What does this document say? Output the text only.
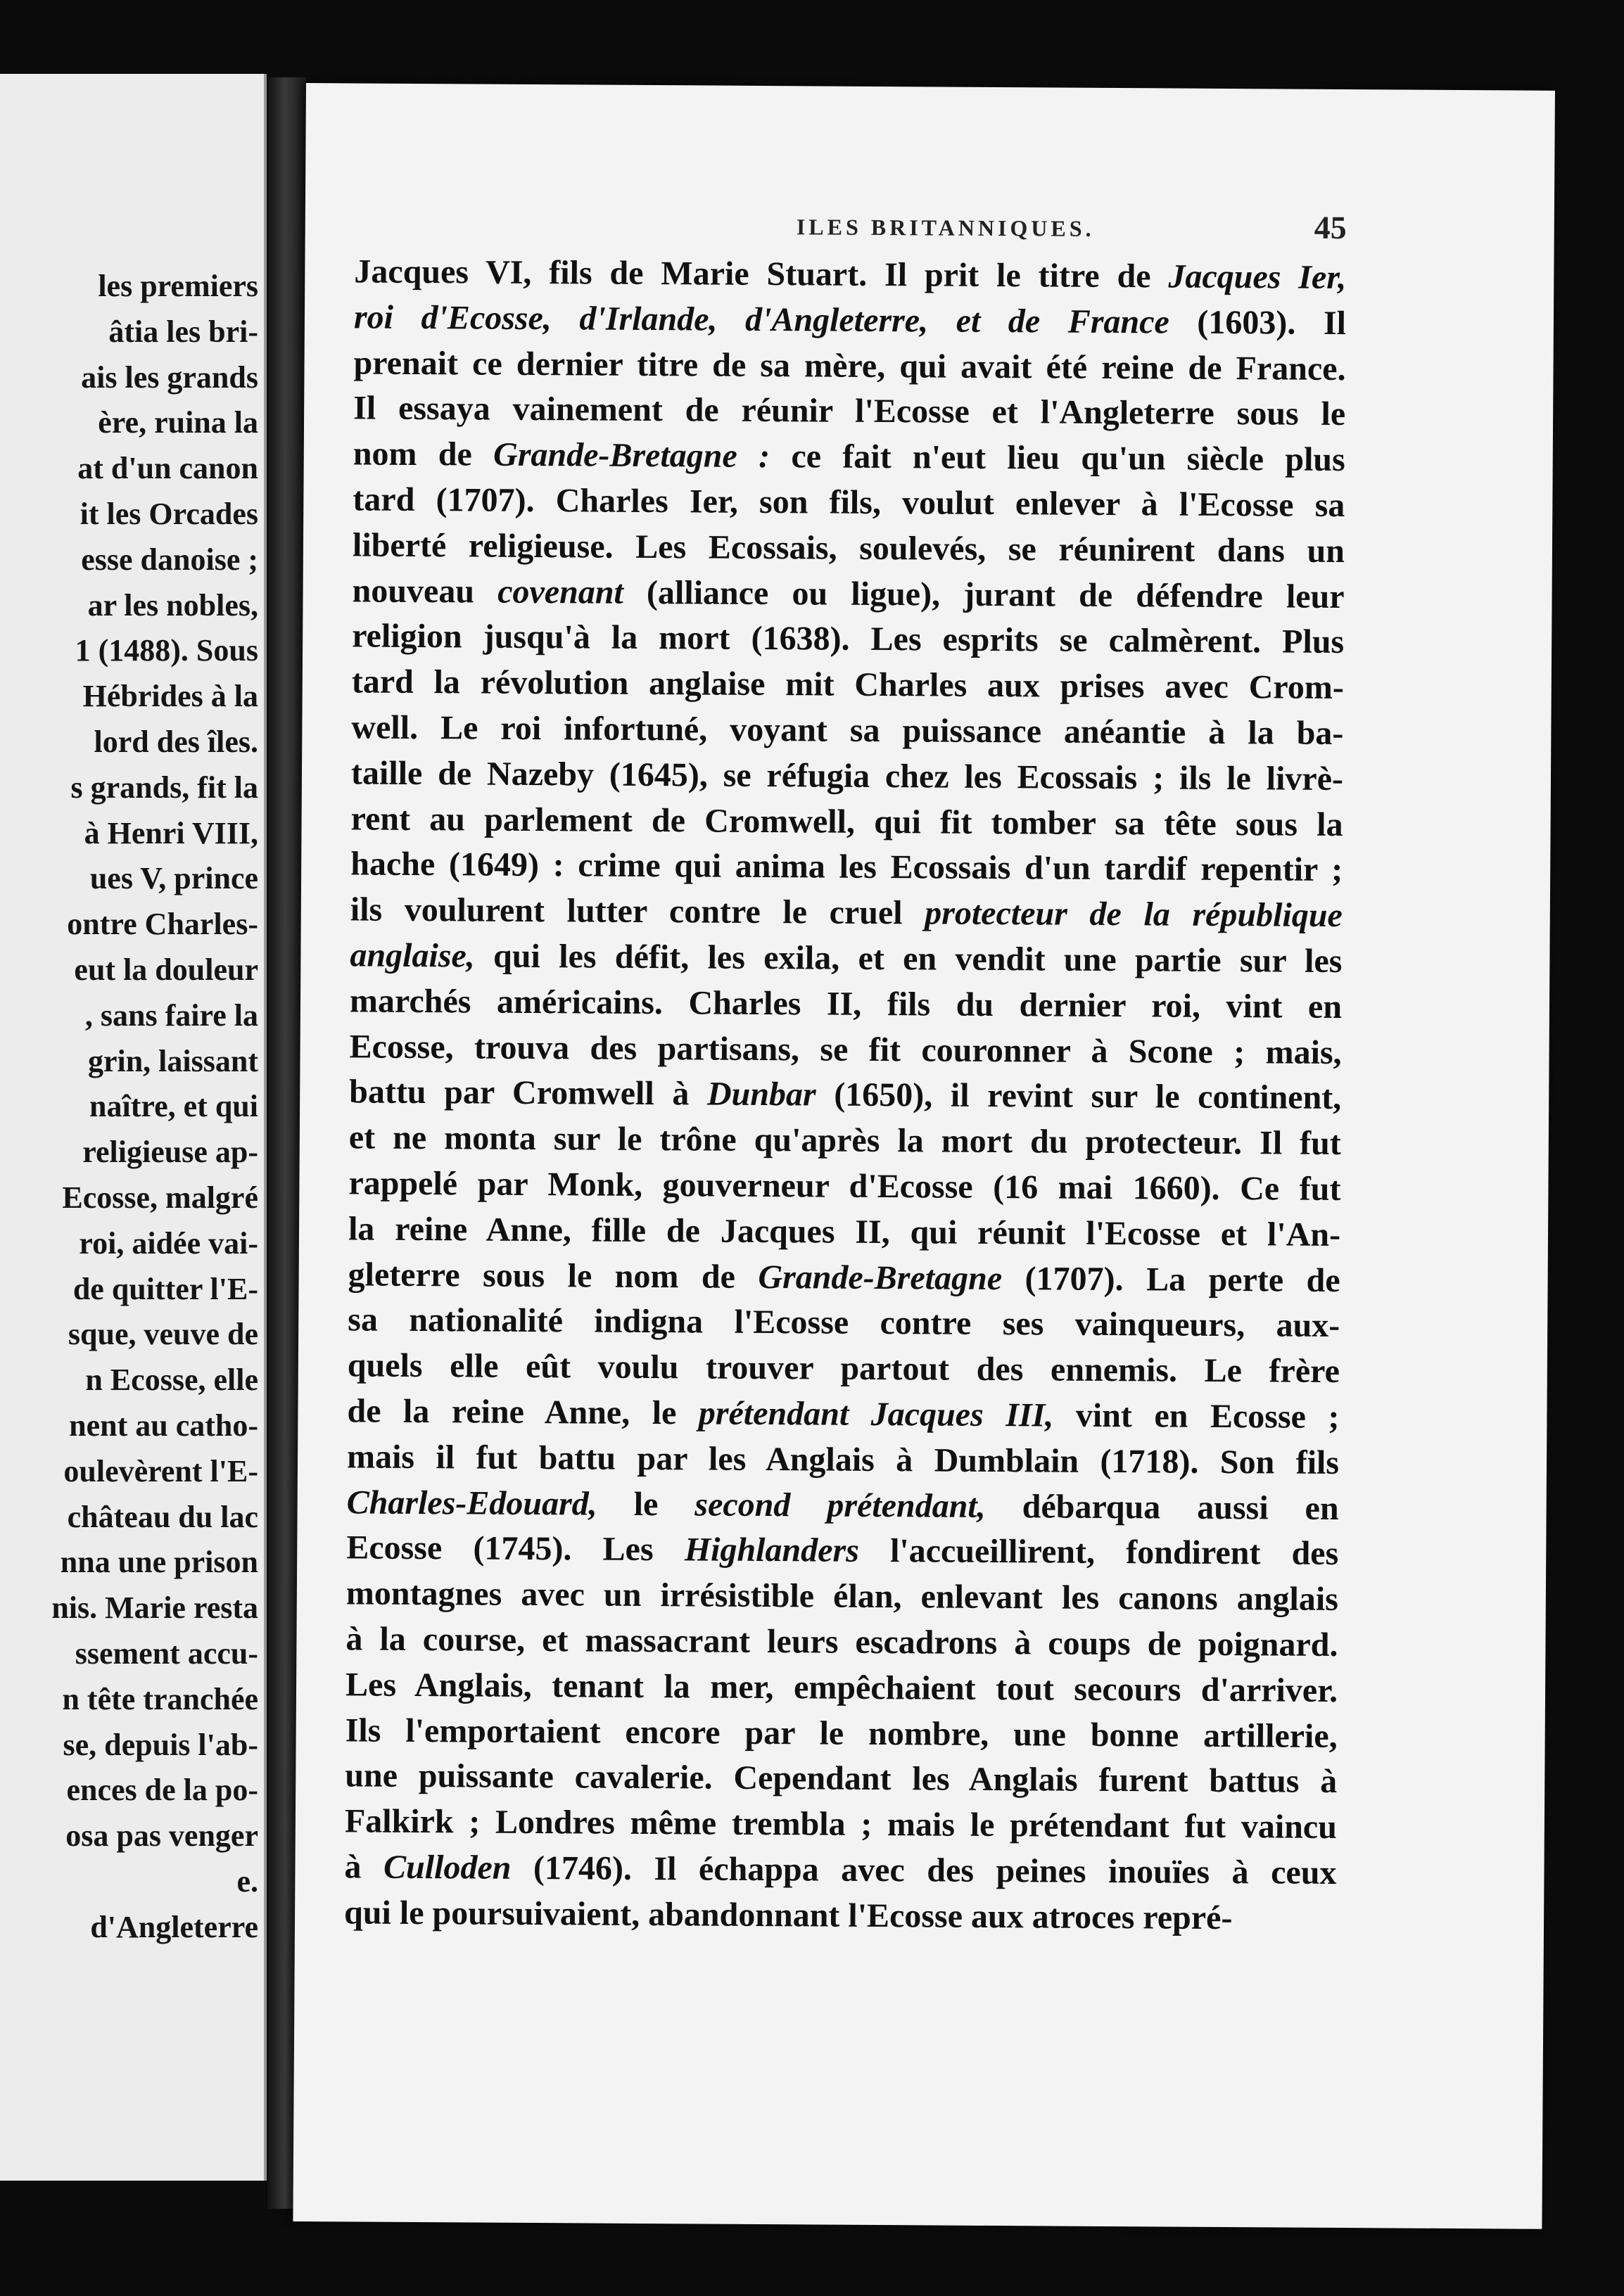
les premiers
âtia les bri-
ais les grands
ère, ruina la
at d'un canon
it les Orcades
esse danoise ;
ar les nobles,
1 (1488). Sous
Hébrides à la
lord des îles.
s grands, fit la
à Henri VIII,
ues V, prince
ontre Charles-
eut la douleur
, sans faire la
grin, laissant
naître, et qui
religieuse ap-
Ecosse, malgré
roi, aidée vai-
de quitter l'E-
sque, veuve de
n Ecosse, elle
nent au catho-
oulevèrent l'E-
château du lac
nna une prison
nis. Marie resta
ssement accu-
n tête tranchée
se, depuis l'ab-
ences de la po-
osa pas venger
e.
d'Angleterre
ILES BRITANNIQUES.	45
Jacques VI, fils de Marie Stuart. Il prit le titre de Jacques Ier,
roi d'Ecosse, d'Irlande, d'Angleterre, et de France (1603). Il
prenait ce dernier titre de sa mère, qui avait été reine de France.
Il essaya vainement de réunir l'Ecosse et l'Angleterre sous le
nom de Grande-Bretagne : ce fait n'eut lieu qu'un siècle plus
tard (1707). Charles Ier, son fils, voulut enlever à l'Ecosse sa
liberté religieuse. Les Ecossais, soulevés, se réunirent dans un
nouveau covenant (alliance ou ligue), jurant de défendre leur
religion jusqu'à la mort (1638). Les esprits se calmèrent. Plus
tard la révolution anglaise mit Charles aux prises avec Crom-
well. Le roi infortuné, voyant sa puissance anéantie à la ba-
taille de Nazeby (1645), se réfugia chez les Ecossais ; ils le livrè-
rent au parlement de Cromwell, qui fit tomber sa tête sous la
hache (1649) : crime qui anima les Ecossais d'un tardif repentir ;
ils voulurent lutter contre le cruel protecteur de la république
anglaise, qui les défit, les exila, et en vendit une partie sur les
marchés américains. Charles II, fils du dernier roi, vint en
Ecosse, trouva des partisans, se fit couronner à Scone ; mais,
battu par Cromwell à Dunbar (1650), il revint sur le continent,
et ne monta sur le trône qu'après la mort du protecteur. Il fut
rappelé par Monk, gouverneur d'Ecosse (16 mai 1660). Ce fut
la reine Anne, fille de Jacques II, qui réunit l'Ecosse et l'An-
gleterre sous le nom de Grande-Bretagne (1707). La perte de
sa nationalité indigna l'Ecosse contre ses vainqueurs, aux-
quels elle eût voulu trouver partout des ennemis. Le frère
de la reine Anne, le prétendant Jacques III, vint en Ecosse ;
mais il fut battu par les Anglais à Dumblain (1718). Son fils
Charles-Edouard, le second prétendant, débarqua aussi en
Ecosse (1745). Les Highlanders l'accueillirent, fondirent des
montagnes avec un irrésistible élan, enlevant les canons anglais
à la course, et massacrant leurs escadrons à coups de poignard.
Les Anglais, tenant la mer, empêchaient tout secours d'arriver.
Ils l'emportaient encore par le nombre, une bonne artillerie,
une puissante cavalerie. Cependant les Anglais furent battus à
Falkirk ; Londres même trembla ; mais le prétendant fut vaincu
à Culloden (1746). Il échappa avec des peines inouïes à ceux
qui le poursuivaient, abandonnant l'Ecosse aux atroces repré-
